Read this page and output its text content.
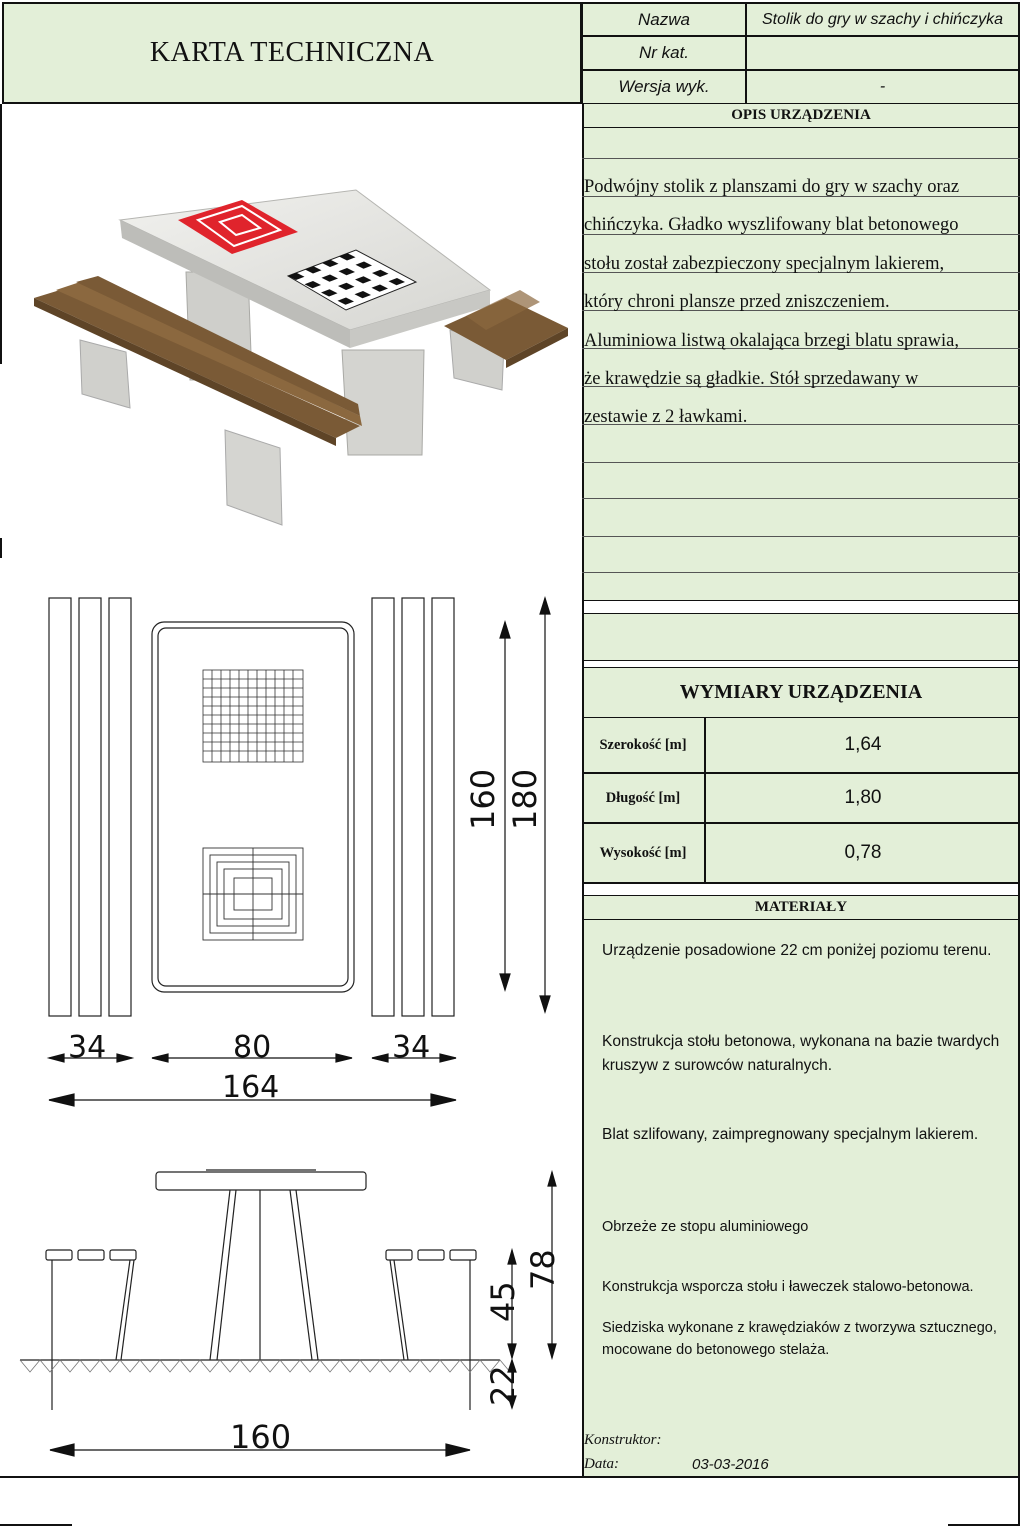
KARTA TECHNICZNA
Nazwa	Stolik do gry w szachy i chińczyka
Nr kat.
Wersja wyk.	-
OPIS URZĄDZENIA
Podwójny stolik z planszami do gry w szachy oraz
chińczyka. Gładko wyszlifowany blat betonowego
stołu został zabezpieczony specjalnym lakierem,
który chroni plansze przed zniszczeniem.
Aluminiowa listwą okalająca brzegi blatu sprawia,
że krawędzie są gładkie. Stół sprzedawany w
zestawie z 2 ławkami.
WYMIARY URZĄDZENIA
Szerokość [m]	1,64
Długość [m]	1,80
Wysokość [m]	0,78
MATERIAŁY
Urządzenie posadowione 22 cm poniżej poziomu terenu.
Konstrukcja stołu betonowa, wykonana na bazie twardych kruszyw z surowców naturalnych.
Blat szlifowany, zaimpregnowany specjalnym lakierem.
Obrzeże ze stopu aluminiowego
Konstrukcja wsporcza stołu i ławeczek stalowo-betonowa.
Siedziska wykonane z krawędziaków z tworzywa sztucznego, mocowane do betonowego stelaża.
Konstruktor:
Data:	03-03-2016
34	80	34
164
160 180
78
45
22
160
